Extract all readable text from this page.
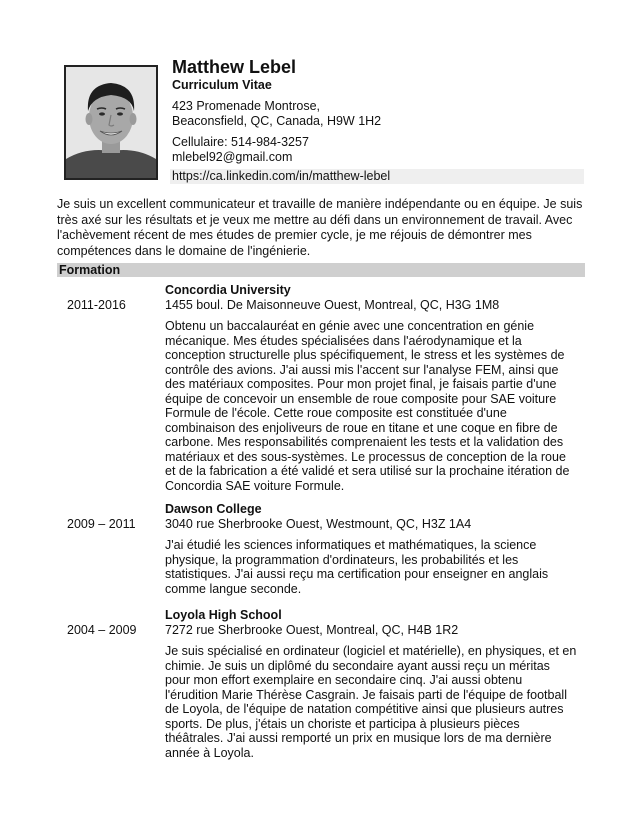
Matthew Lebel
Curriculum Vitae
423 Promenade Montrose,
Beaconsfield, QC, Canada, H9W 1H2
Cellulaire: 514-984-3257
mlebel92@gmail.com
https://ca.linkedin.com/in/matthew-lebel
Je suis un excellent communicateur et travaille de manière indépendante ou en équipe. Je suis très axé sur les résultats et je veux me mettre au défi dans un environnement de travail. Avec l'achèvement récent de mes études de premier cycle, je me réjouis de démontrer mes compétences dans le domaine de l'ingénierie.
Formation
2011-2016
Concordia University
1455 boul. De Maisonneuve Ouest, Montreal, QC, H3G 1M8
Obtenu un baccalauréat en génie avec une concentration en génie mécanique. Mes études spécialisées dans l'aérodynamique et la conception structurelle plus spécifiquement, le stress et les systèmes de contrôle des avions. J'ai aussi mis l'accent sur l'analyse FEM, ainsi que des matériaux composites. Pour mon projet final, je faisais partie d'une équipe de concevoir un ensemble de roue composite pour SAE voiture Formule de l'école. Cette roue composite est constituée d'une combinaison des enjoliveurs de roue en titane et une coque en fibre de carbone. Mes responsabilités comprenaient les tests et la validation des matériaux et des sous-systèmes. Le processus de conception de la roue et de la fabrication a été validé et sera utilisé sur la prochaine itération de Concordia SAE voiture Formule.
2009 – 2011
Dawson College
3040 rue Sherbrooke Ouest, Westmount, QC, H3Z 1A4
J'ai étudié les sciences informatiques et mathématiques, la science physique, la programmation d'ordinateurs, les probabilités et les statistiques. J'ai aussi reçu ma certification pour enseigner en anglais comme langue seconde.
2004 – 2009
Loyola High School
7272 rue Sherbrooke Ouest, Montreal, QC, H4B 1R2
Je suis spécialisé en ordinateur (logiciel et matérielle), en physiques, et en chimie. Je suis un diplômé du secondaire ayant aussi reçu un méritas pour mon effort exemplaire en secondaire cinq. J'ai aussi obtenu l'érudition Marie Thérèse Casgrain. Je faisais parti de l'équipe de football de Loyola, de l'équipe de natation compétitive ainsi que plusieurs autres sports. De plus, j'étais un choriste et participa à plusieurs pièces théâtrales. J'ai aussi remporté un prix en musique lors de ma dernière année à Loyola.
